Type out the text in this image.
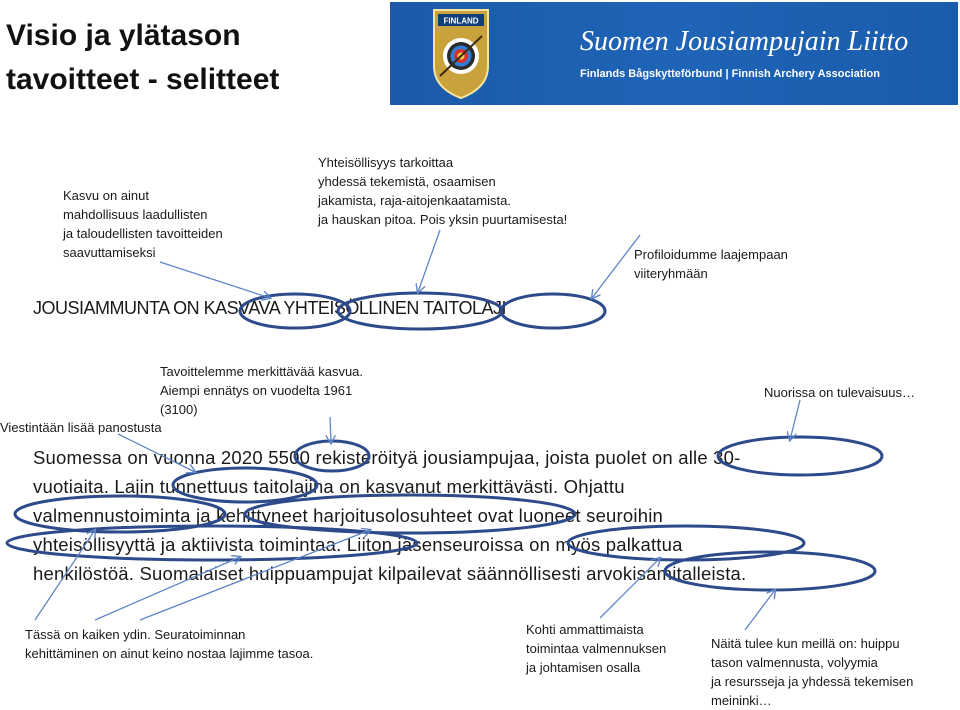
Visio ja ylätason
tavoitteet - selitteet
FINLAND
Suomen Jousiampujain Liitto
Finlands Bågskytteförbund | Finnish Archery Association
Kasvu on ainut
mahdollisuus laadullisten
ja taloudellisten tavoitteiden
saavuttamiseksi
Yhteisöllisyys tarkoittaa
yhdessä tekemistä, osaamisen
jakamista, raja-aitojenkaatamista.
ja hauskan pitoa. Pois yksin puurtamisesta!
Profiloidumme laajempaan
viiteryhmään
JOUSIAMMUNTA ON KASVAVA YHTEISÖLLINEN TAITOLAJI
Tavoittelemme merkittävää kasvua.
Aiempi ennätys on vuodelta 1961
(3100)
Viestintään lisää panostusta
Nuorissa on tulevaisuus…
Suomessa on vuonna 2020 5500 rekisteröityä jousiampujaa, joista puolet on alle 30-
vuotiaita. Lajin tunnettuus taitolajina on kasvanut merkittävästi. Ohjattu
valmennustoiminta ja kehittyneet harjoitusolosuhteet ovat luoneet seuroihin
yhteisöllisyyttä ja aktiivista toimintaa. Liiton jäsenseuroissa on myös palkattua
henkilöstöä. Suomalaiset huippuampujat kilpailevat säännöllisesti arvokisamitalleista.
Tässä on kaiken ydin. Seuratoiminnan
kehittäminen on ainut keino nostaa lajimme tasoa.
Kohti ammattimaista
toimintaa valmennuksen
ja johtamisen osalla
Näitä tulee kun meillä on: huippu
tason valmennusta, volyymia
ja resursseja ja yhdessä tekemisen
meininki…
